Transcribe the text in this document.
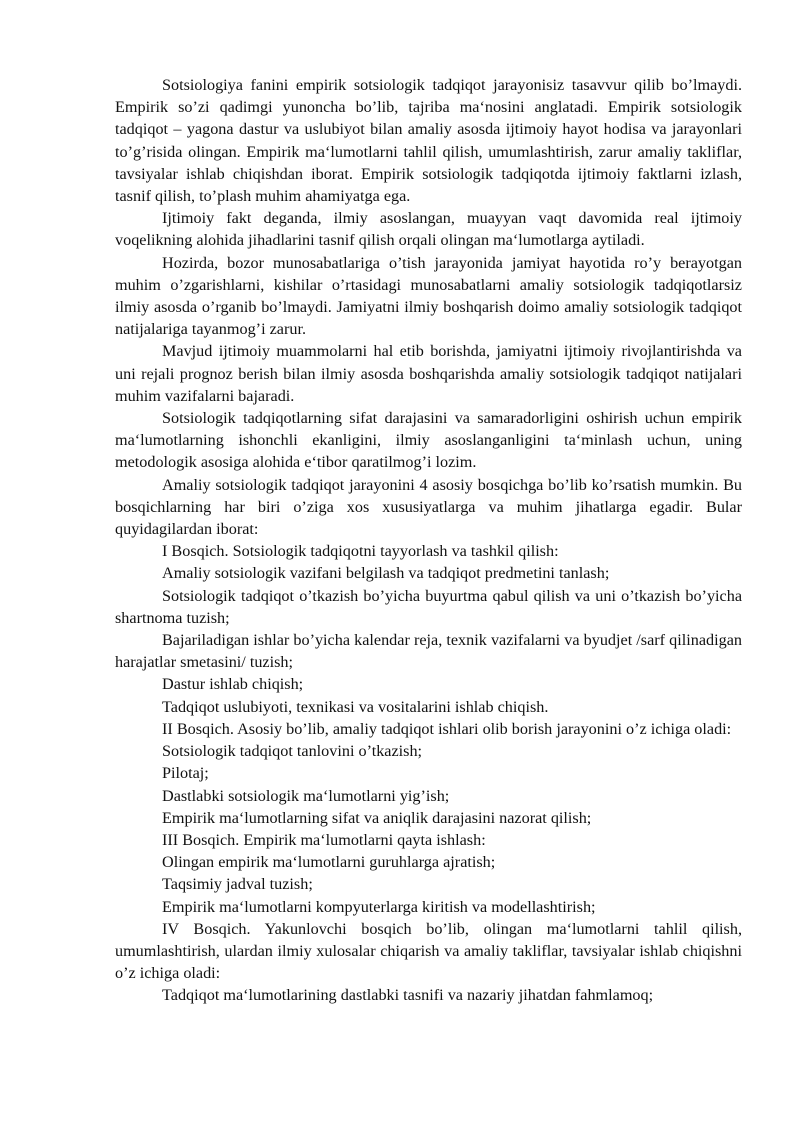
Sotsiologiya fanini empirik sotsiologik tadqiqot jarayonisiz tasavvur qilib bo’lmaydi. Empirik so’zi qadimgi yunoncha bo’lib, tajriba ma‘nosini anglatadi. Empirik sotsiologik tadqiqot – yagona dastur va uslubiyot bilan amaliy asosda ijtimoiy hayot hodisa va jarayonlari to’g’risida olingan. Empirik ma‘lumotlarni tahlil qilish, umumlashtirish, zarur amaliy takliflar, tavsiyalar ishlab chiqishdan iborat. Empirik sotsiologik tadqiqotda ijtimoiy faktlarni izlash, tasnif qilish, to’plash muhim ahamiyatga ega.

Ijtimoiy fakt deganda, ilmiy asoslangan, muayyan vaqt davomida real ijtimoiy voqelikning alohida jihadlarini tasnif qilish orqali olingan ma‘lumotlarga aytiladi.

Hozirda, bozor munosabatlariga o’tish jarayonida jamiyat hayotida ro’y berayotgan muhim o’zgarishlarni, kishilar o’rtasidagi munosabatlarni amaliy sotsiologik tadqiqotlarsiz ilmiy asosda o’rganib bo’lmaydi. Jamiyatni ilmiy boshqarish doimo amaliy sotsiologik tadqiqot natijalariga tayanmog’i zarur.

Mavjud ijtimoiy muammolarni hal etib borishda, jamiyatni ijtimoiy rivojlantirishda va uni rejali prognoz berish bilan ilmiy asosda boshqarishda amaliy sotsiologik tadqiqot natijalari muhim vazifalarni bajaradi.

Sotsiologik tadqiqotlarning sifat darajasini va samaradorligini oshirish uchun empirik ma‘lumotlarning ishonchli ekanligini, ilmiy asoslanganligini ta‘minlash uchun, uning metodologik asosiga alohida e‘tibor qaratilmog’i lozim.

Amaliy sotsiologik tadqiqot jarayonini 4 asosiy bosqichga bo’lib ko’rsatish mumkin. Bu bosqichlarning har biri o’ziga xos xususiyatlarga va muhim jihatlarga egadir. Bular quyidagilardan iborat:

I Bosqich. Sotsiologik tadqiqotni tayyorlash va tashkil qilish:

Amaliy sotsiologik vazifani belgilash va tadqiqot predmetini tanlash;

Sotsiologik tadqiqot o’tkazish bo’yicha buyurtma qabul qilish va uni o’tkazish bo’yicha shartnoma tuzish;

Bajariladigan ishlar bo’yicha kalendar reja, texnik vazifalarni va byudjet /sarf qilinadigan harajatlar smetasini/ tuzish;

Dastur ishlab chiqish;

Tadqiqot uslubiyoti, texnikasi va vositalarini ishlab chiqish.

II Bosqich. Asosiy bo’lib, amaliy tadqiqot ishlari olib borish jarayonini o’z ichiga oladi:

Sotsiologik tadqiqot tanlovini o’tkazish;

Pilotaj;

Dastlabki sotsiologik ma‘lumotlarni yig’ish;

Empirik ma‘lumotlarning sifat va aniqlik darajasini nazorat qilish;

III Bosqich. Empirik ma‘lumotlarni qayta ishlash:

Olingan empirik ma‘lumotlarni guruhlarga ajratish;

Taqsimiy jadval tuzish;

Empirik ma‘lumotlarni kompyuterlarga kiritish va modellashtirish;

IV Bosqich. Yakunlovchi bosqich bo’lib, olingan ma‘lumotlarni tahlil qilish, umumlashtirish, ulardan ilmiy xulosalar chiqarish va amaliy takliflar, tavsiyalar ishlab chiqishni o’z ichiga oladi:

Tadqiqot ma‘lumotlarining dastlabki tasnifi va nazariy jihatdan fahmlamoq;
